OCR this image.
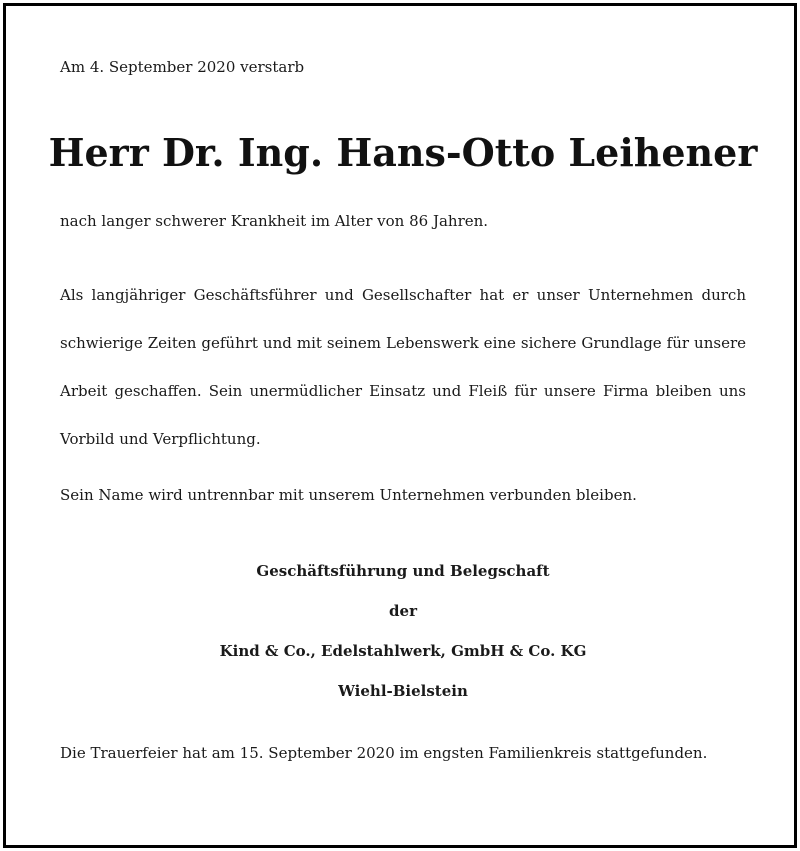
Am 4. September 2020 verstarb
Herr Dr. Ing. Hans-Otto Leihener
nach langer schwerer Krankheit im Alter von 86 Jahren.
Als langjähriger Geschäftsführer und Gesellschafter hat er unser Unternehmen durch schwierige Zeiten geführt und mit seinem Lebenswerk eine sichere Grundlage für unsere Arbeit geschaffen. Sein unermüdlicher Einsatz und Fleiß für unsere Firma bleiben uns Vorbild und Verpflichtung.
Sein Name wird untrennbar mit unserem Unternehmen verbunden bleiben.
Geschäftsführung und Belegschaft
der
Kind & Co., Edelstahlwerk, GmbH & Co. KG
Wiehl-Bielstein
Die Trauerfeier hat am 15. September 2020 im engsten Familienkreis stattgefunden.
